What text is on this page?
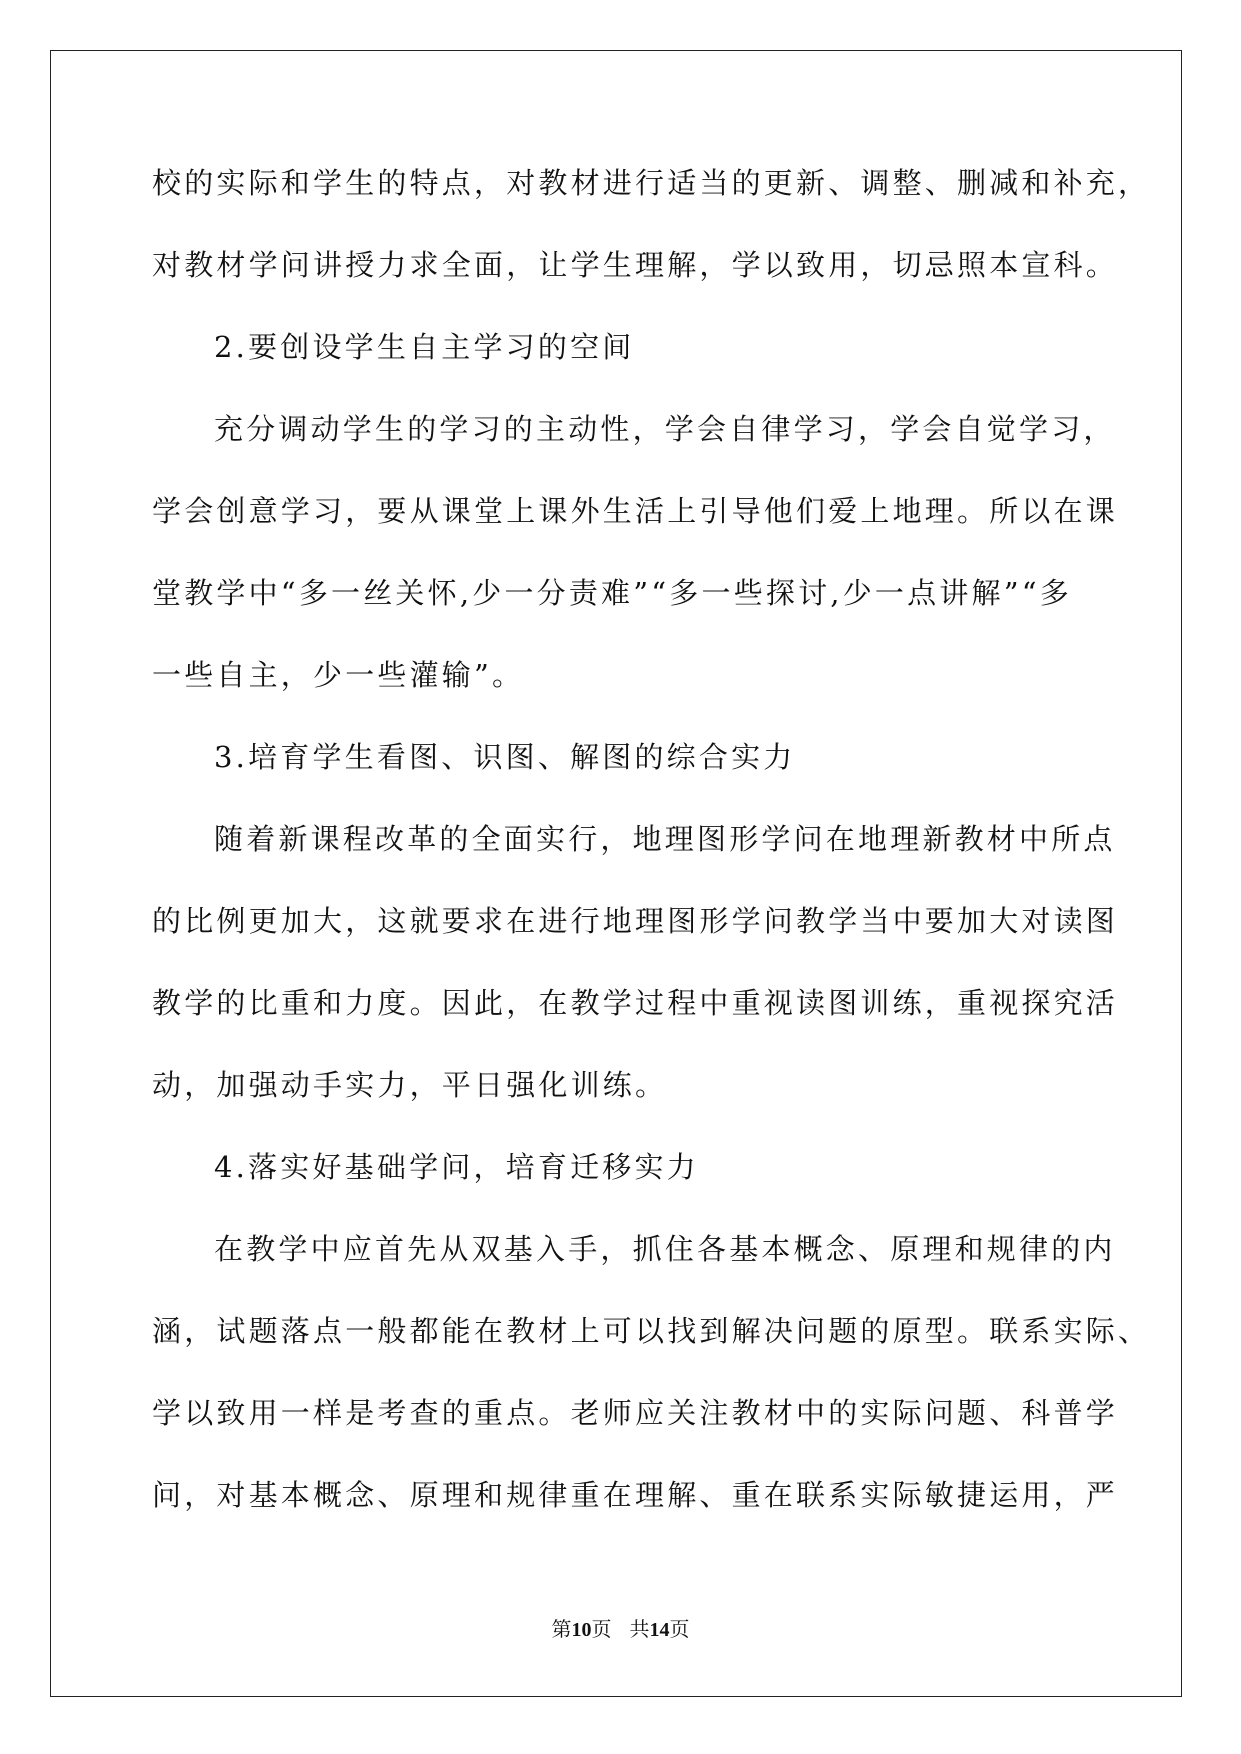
校的实际和学生的特点，对教材进行适当的更新、调整、删减和补充，
对教材学问讲授力求全面，让学生理解，学以致用，切忌照本宣科。
2.要创设学生自主学习的空间
充分调动学生的学习的主动性，学会自律学习，学会自觉学习，
学会创意学习，要从课堂上课外生活上引导他们爱上地理。所以在课
堂教学中“多一丝关怀,少一分责难”“多一些探讨,少一点讲解”“多
一些自主，少一些灌输”。
3.培育学生看图、识图、解图的综合实力
随着新课程改革的全面实行，地理图形学问在地理新教材中所点
的比例更加大，这就要求在进行地理图形学问教学当中要加大对读图
教学的比重和力度。因此，在教学过程中重视读图训练，重视探究活
动，加强动手实力，平日强化训练。
4.落实好基础学问，培育迁移实力
在教学中应首先从双基入手，抓住各基本概念、原理和规律的内
涵，试题落点一般都能在教材上可以找到解决问题的原型。联系实际、
学以致用一样是考查的重点。老师应关注教材中的实际问题、科普学
问，对基本概念、原理和规律重在理解、重在联系实际敏捷运用，严
第10页 共14页
